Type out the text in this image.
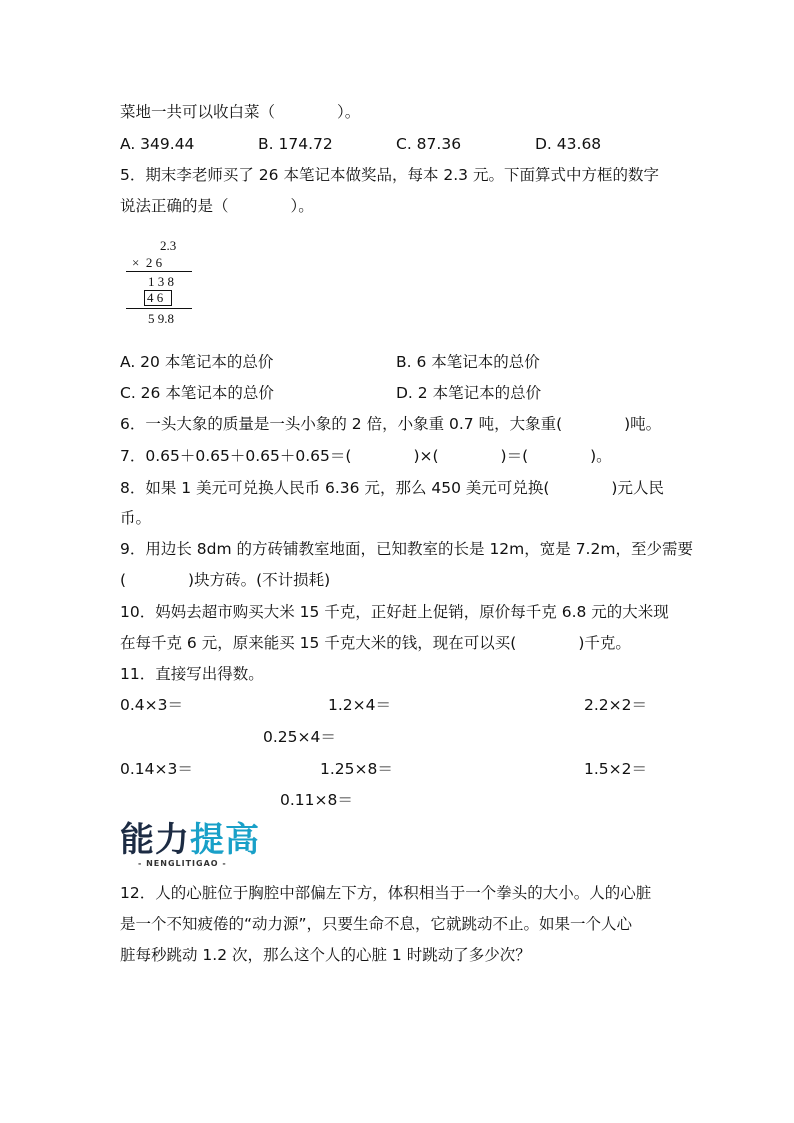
菜地一共可以收白菜（　　　　）。
A. 349.44	B. 174.72	C. 87.36	D. 43.68
5．期末李老师买了 26 本笔记本做奖品，每本 2.3 元。下面算式中方框的数字
说法正确的是（　　　　）。
2.3
×  2 6
1 3 8
4 6
5 9.8
A. 20 本笔记本的总价	B. 6 本笔记本的总价
C. 26 本笔记本的总价	D. 2 本笔记本的总价
6．一头大象的质量是一头小象的 2 倍，小象重 0.7 吨，大象重(　　　　)吨。
7．0.65＋0.65＋0.65＋0.65＝(　　　　)×(　　　　)＝(　　　　)。
8．如果 1 美元可兑换人民币 6.36 元，那么 450 美元可兑换(　　　　)元人民
币。
9．用边长 8dm 的方砖铺教室地面，已知教室的长是 12m，宽是 7.2m，至少需要
(　　　　)块方砖。(不计损耗)
10．妈妈去超市购买大米 15 千克，正好赶上促销，原价每千克 6.8 元的大米现
在每千克 6 元，原来能买 15 千克大米的钱，现在可以买(　　　　)千克。
11．直接写出得数。
0.4×3＝	1.2×4＝	2.2×2＝
0.25×4＝
0.14×3＝	1.25×8＝	1.5×2＝
0.11×8＝
能力提高
- NENGLITIGAO -
12．人的心脏位于胸腔中部偏左下方，体积相当于一个拳头的大小。人的心脏
是一个不知疲倦的“动力源”，只要生命不息，它就跳动不止。如果一个人心
脏每秒跳动 1.2 次，那么这个人的心脏 1 时跳动了多少次？
